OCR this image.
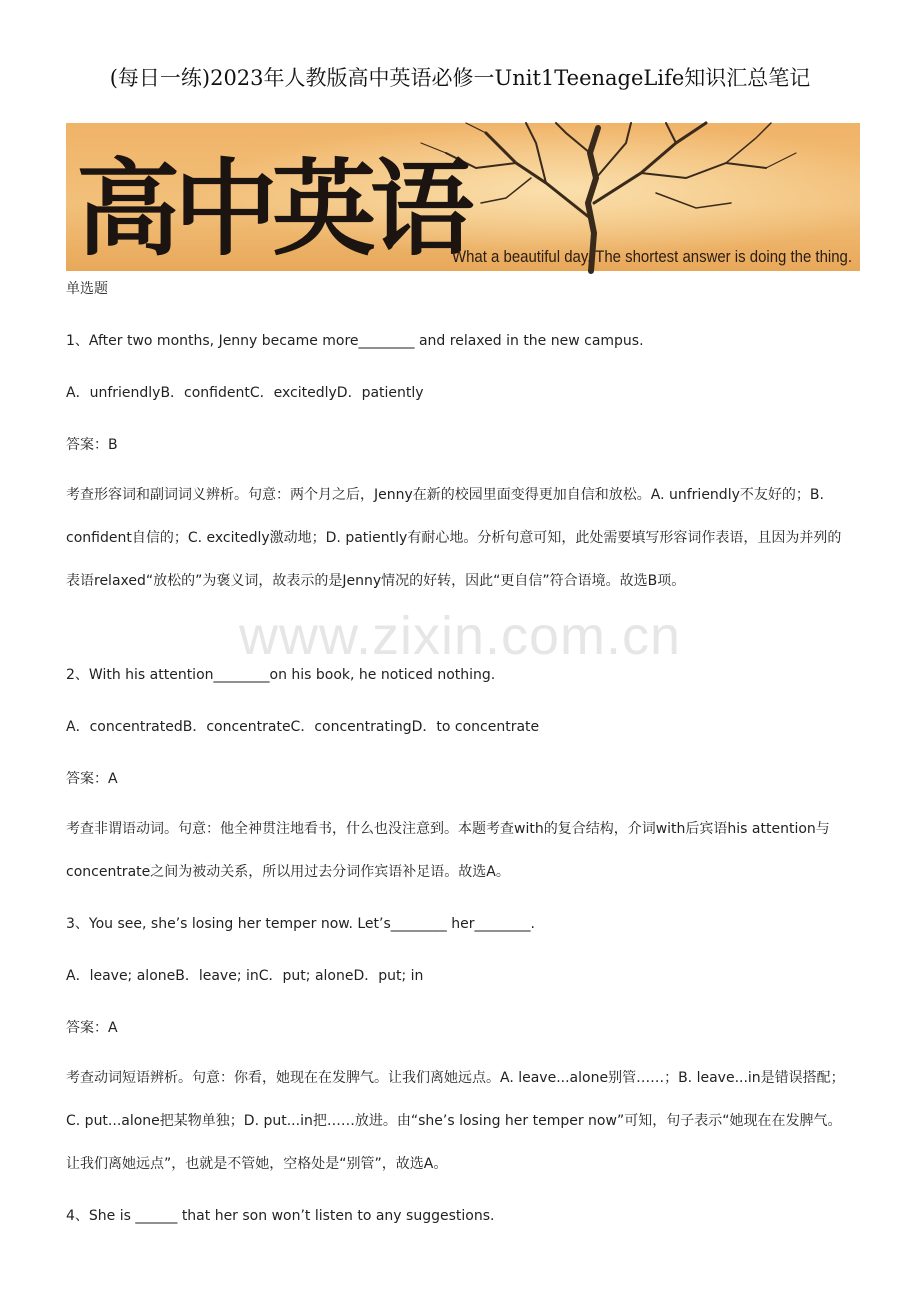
(每日一练)2023年人教版高中英语必修一Unit1TeenageLife知识汇总笔记
高中英语
What a beautiful day. The shortest answer is doing the thing.
www.zixin.com.cn
单选题
1、After two months, Jenny became more________ and relaxed in the new campus.
A．unfriendlyB．confidentC．excitedlyD．patiently
答案：B
考查形容词和副词词义辨析。句意：两个月之后，Jenny在新的校园里面变得更加自信和放松。A. unfriendly不友好的；B. confident自信的；C. excitedly激动地；D. patiently有耐心地。分析句意可知，此处需要填写形容词作表语，且因为并列的表语relaxed“放松的”为褒义词，故表示的是Jenny情况的好转，因此“更自信”符合语境。故选B项。
2、With his attention________on his book, he noticed nothing.
A．concentratedB．concentrateC．concentratingD．to concentrate
答案：A
考查非谓语动词。句意：他全神贯注地看书，什么也没注意到。本题考查with的复合结构，介词with后宾语his attention与concentrate之间为被动关系，所以用过去分词作宾语补足语。故选A。
3、You see, she’s losing her temper now. Let’s________ her________.
A．leave; aloneB．leave; inC．put; aloneD．put; in
答案：A
考查动词短语辨析。句意：你看，她现在在发脾气。让我们离她远点。A. leave...alone别管……；B. leave...in是错误搭配；C. put...alone把某物单独；D. put...in把……放进。由“she’s losing her temper now”可知，句子表示“她现在在发脾气。让我们离她远点”，也就是不管她，空格处是“别管”，故选A。
4、She is ______ that her son won’t listen to any suggestions.
